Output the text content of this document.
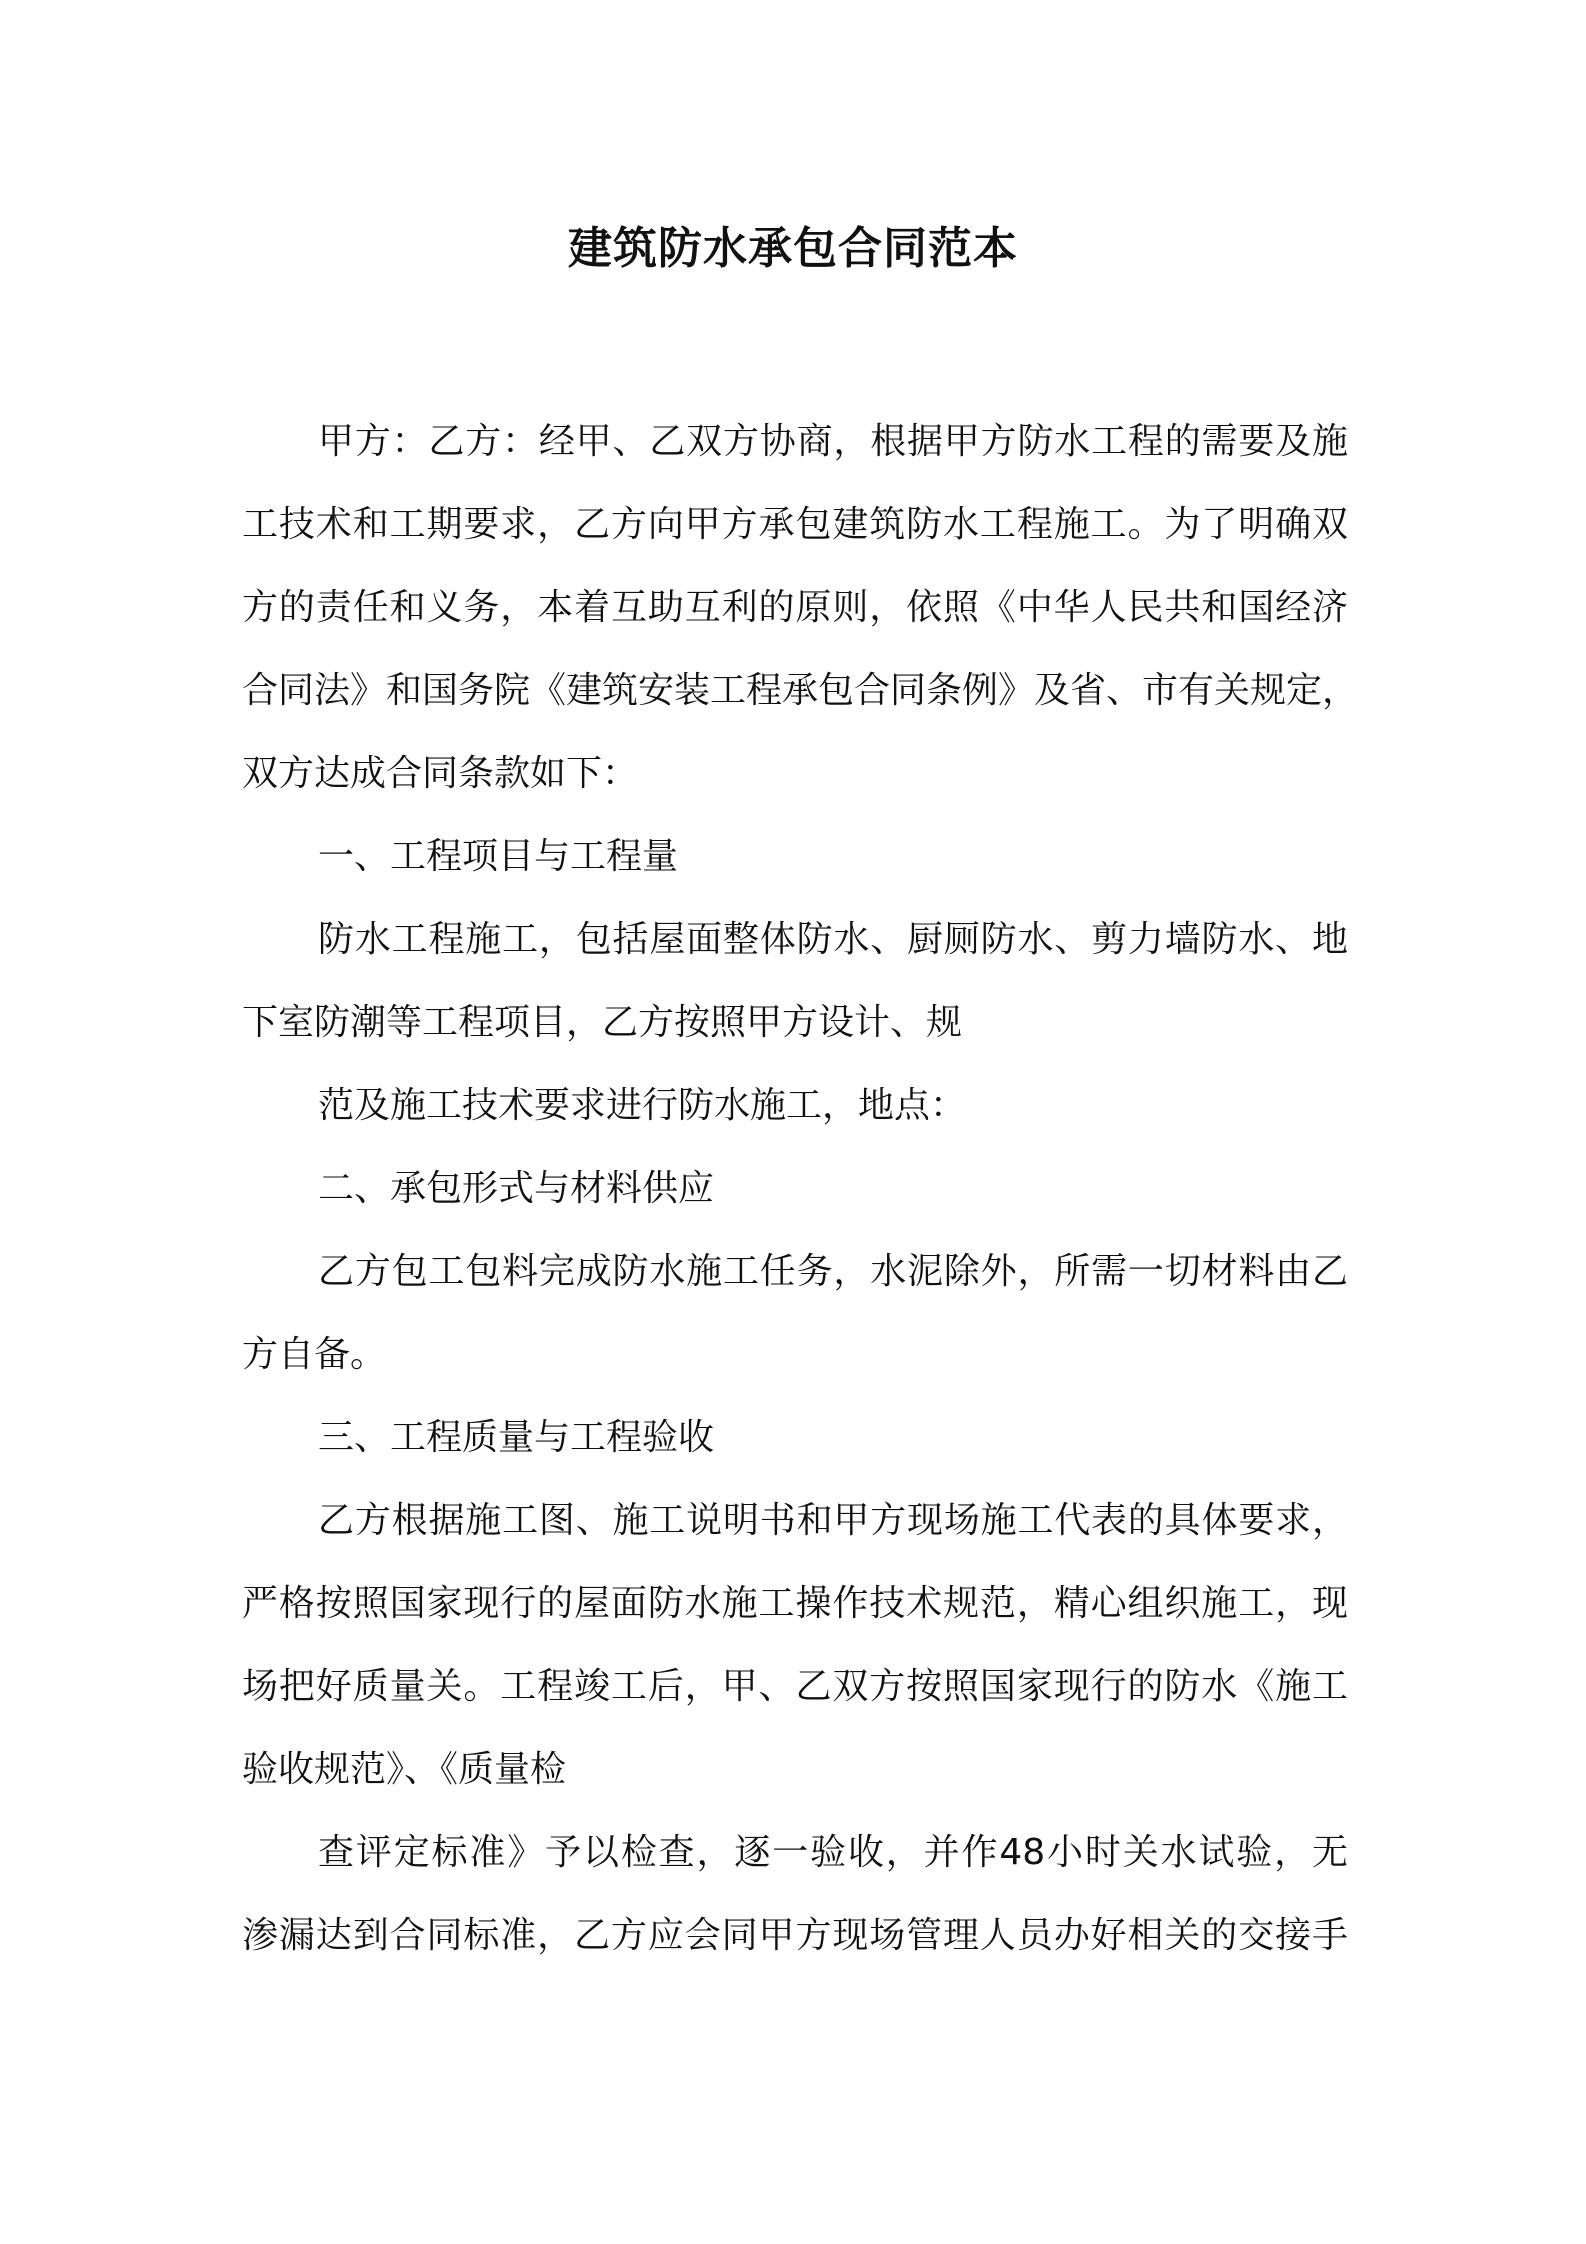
建筑防水承包合同范本
甲方：乙方：经甲、乙双方协商，根据甲方防水工程的需要及施
工技术和工期要求，乙方向甲方承包建筑防水工程施工。为了明确双
方的责任和义务，本着互助互利的原则，依照《中华人民共和国经济
合同法》和国务院《建筑安装工程承包合同条例》及省、市有关规定，
双方达成合同条款如下：
一、工程项目与工程量
防水工程施工，包括屋面整体防水、厨厕防水、剪力墙防水、地
下室防潮等工程项目，乙方按照甲方设计、规
范及施工技术要求进行防水施工，地点：
二、承包形式与材料供应
乙方包工包料完成防水施工任务，水泥除外，所需一切材料由乙
方自备。
三、工程质量与工程验收
乙方根据施工图、施工说明书和甲方现场施工代表的具体要求，
严格按照国家现行的屋面防水施工操作技术规范，精心组织施工，现
场把好质量关。工程竣工后，甲、乙双方按照国家现行的防水《施工
验收规范》、《质量检
查评定标准》予以检查，逐一验收，并作48小时关水试验，无
渗漏达到合同标准，乙方应会同甲方现场管理人员办好相关的交接手
